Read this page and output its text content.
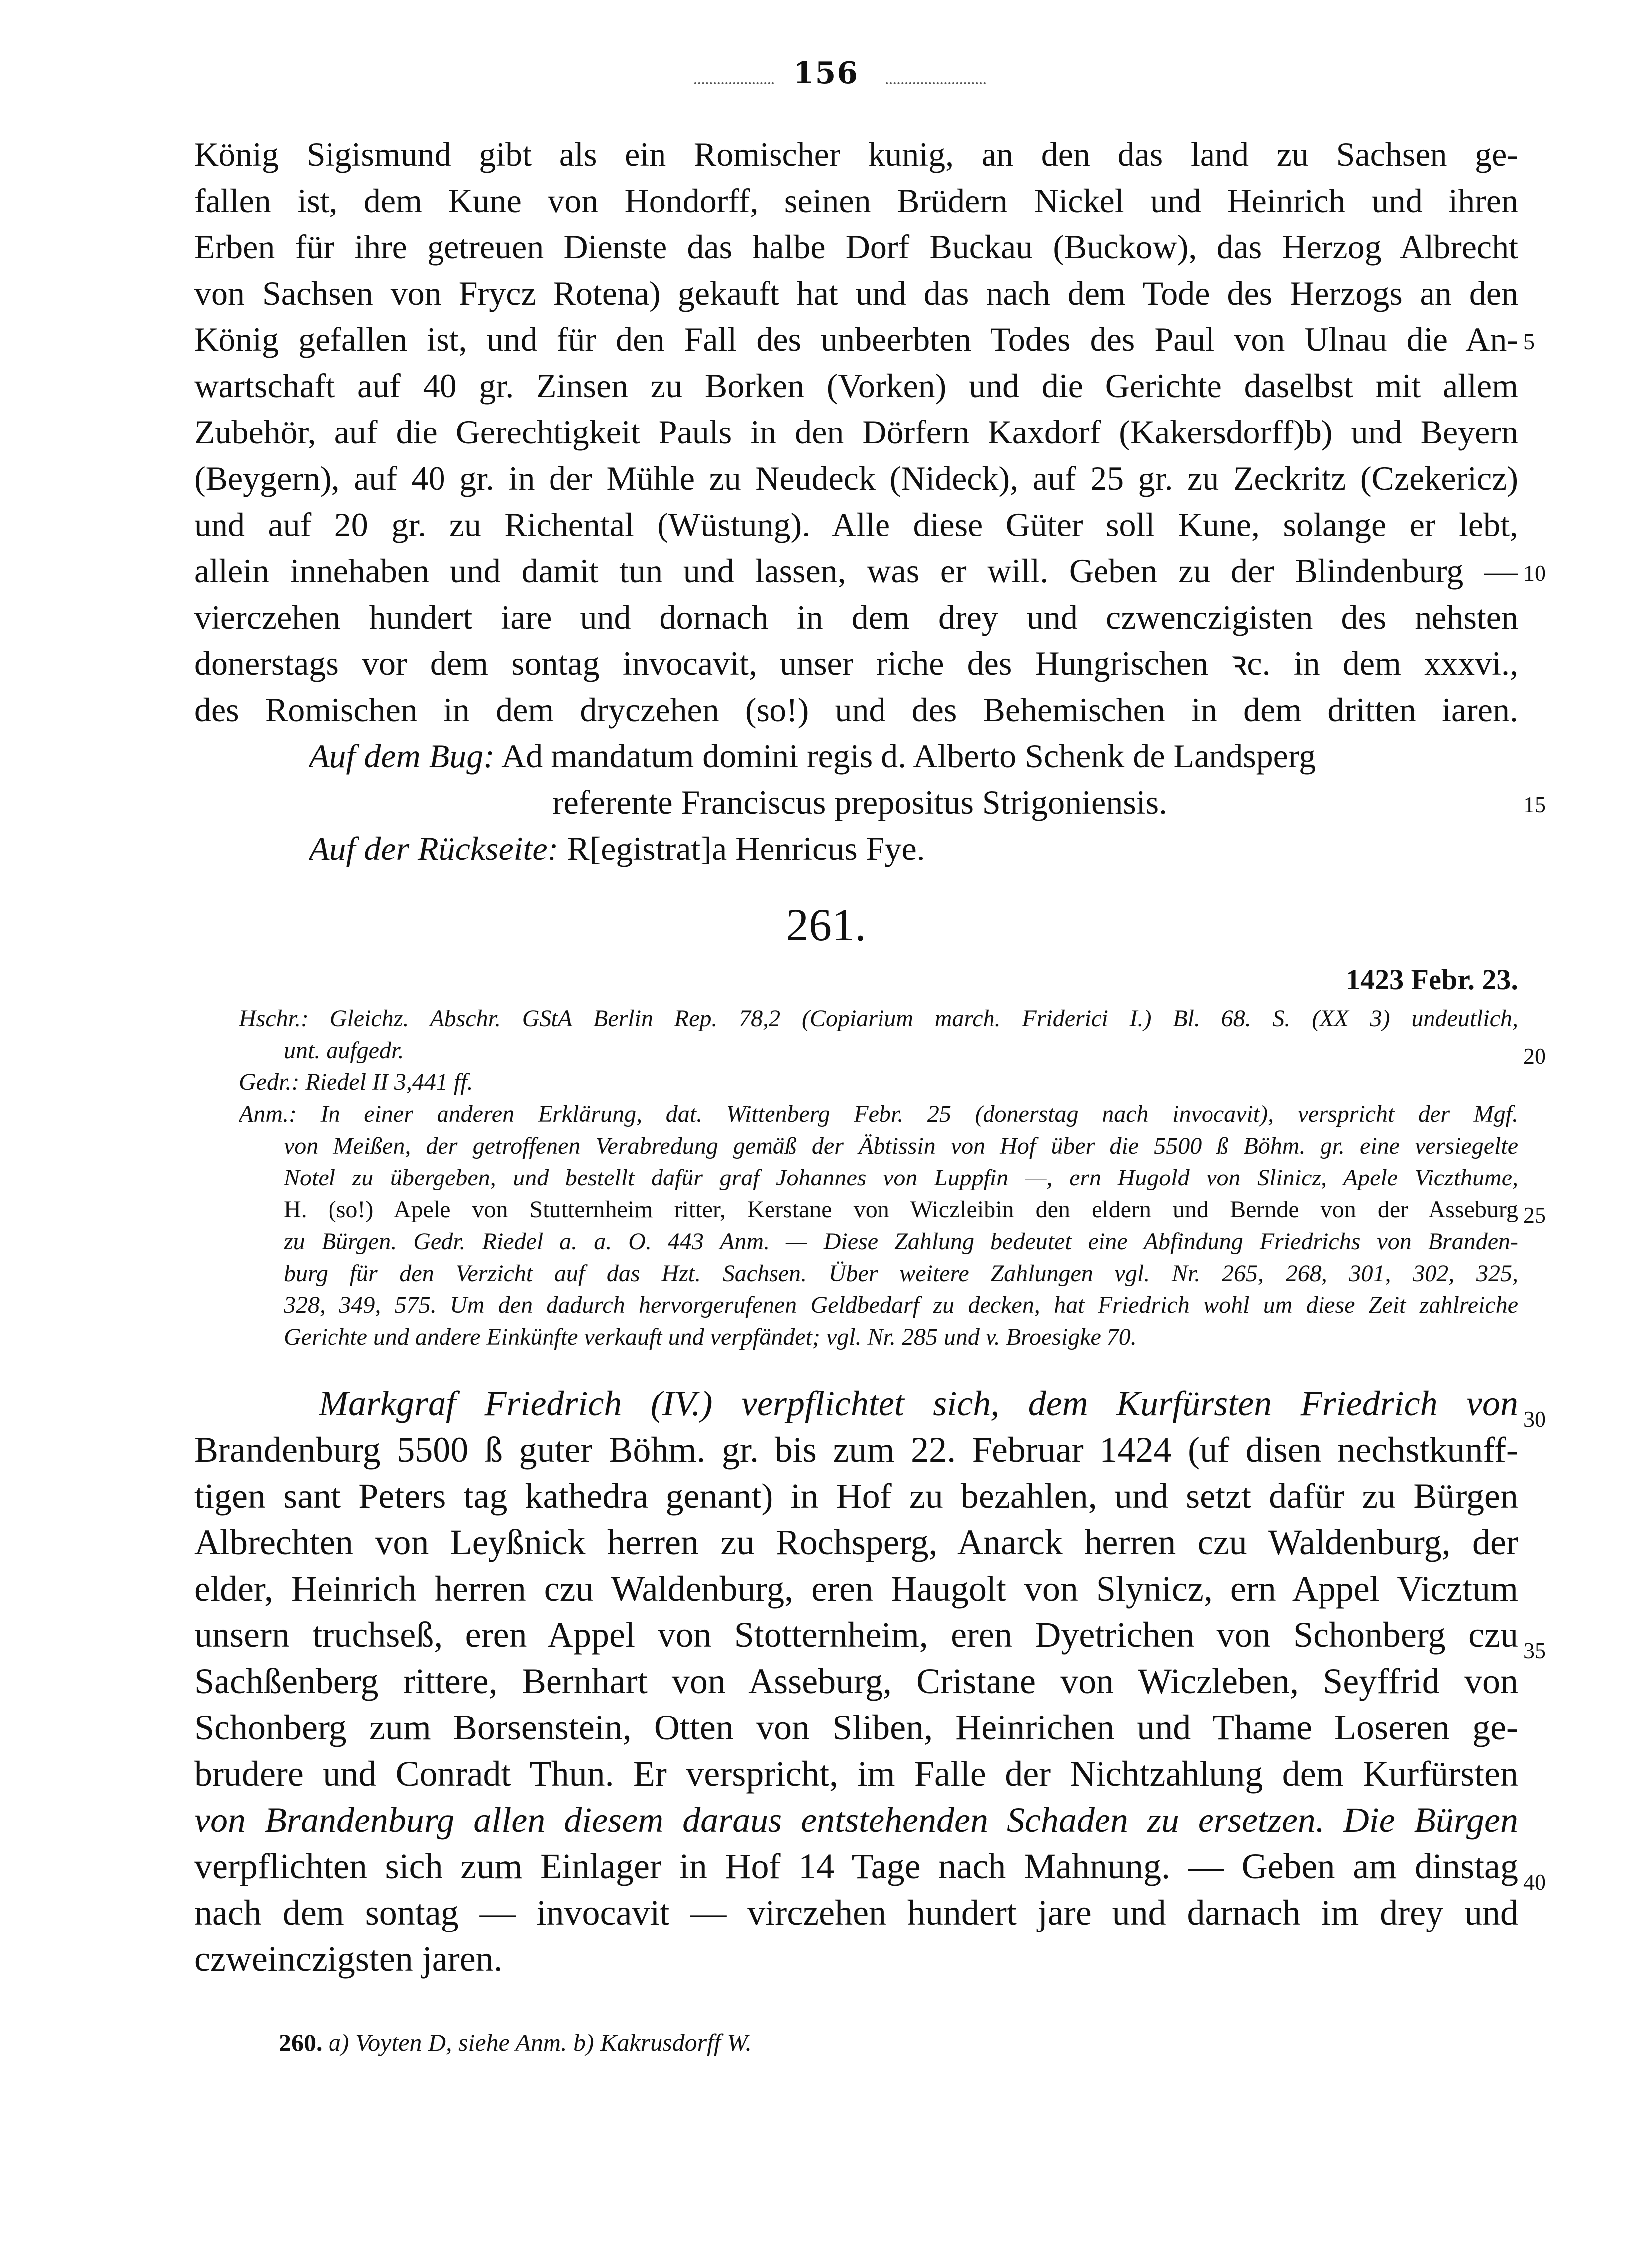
156
König Sigismund gibt als ein Romischer kunig, an den das land zu Sachsen ge-
fallen ist, dem Kune von Hondorff, seinen Brüdern Nickel und Heinrich und ihren
Erben für ihre getreuen Dienste das halbe Dorf Buckau (Buckow), das Herzog Albrecht
von Sachsen von Frycz Rotena) gekauft hat und das nach dem Tode des Herzogs an den
König gefallen ist, und für den Fall des unbeerbten Todes des Paul von Ulnau die An-
wartschaft auf 40 gr. Zinsen zu Borken (Vorken) und die Gerichte daselbst mit allem
Zubehör, auf die Gerechtigkeit Pauls in den Dörfern Kaxdorf (Kakersdorff)b) und Beyern
(Beygern), auf 40 gr. in der Mühle zu Neudeck (Nideck), auf 25 gr. zu Zeckritz (Czekericz)
und auf 20 gr. zu Richental (Wüstung). Alle diese Güter soll Kune, solange er lebt,
allein innehaben und damit tun und lassen, was er will. Geben zu der Blindenburg —
vierczehen hundert iare und dornach in dem drey und czwenczigisten des nehsten
donerstags vor dem sontag invocavit, unser riche des Hungrischen ꝛc. in dem xxxvi.,
des Romischen in dem dryczehen (so!) und des Behemischen in dem dritten iaren.
Auf dem Bug: Ad mandatum domini regis d. Alberto Schenk de Landsperg
referente Franciscus prepositus Strigoniensis.
Auf der Rückseite: R[egistrat]a Henricus Fye.
5
10
15
20
25
30
35
40
261.
1423 Febr. 23.
Hschr.: Gleichz. Abschr. GStA Berlin Rep. 78,2 (Copiarium march. Friderici I.) Bl. 68. S. (XX 3) undeutlich,
unt. aufgedr.
Gedr.: Riedel II 3,441 ff.
Anm.: In einer anderen Erklärung, dat. Wittenberg Febr. 25 (donerstag nach invocavit), verspricht der Mgf.
von Meißen, der getroffenen Verabredung gemäß der Äbtissin von Hof über die 5500 ß Böhm. gr. eine versiegelte
Notel zu übergeben, und bestellt dafür graf Johannes von Luppfin —, ern Hugold von Slinicz, Apele Viczthume,
H. (so!) Apele von Stutternheim ritter, Kerstane von Wiczleibin den eldern und Bernde von der Asseburg
zu Bürgen. Gedr. Riedel a. a. O. 443 Anm. — Diese Zahlung bedeutet eine Abfindung Friedrichs von Branden-
burg für den Verzicht auf das Hzt. Sachsen. Über weitere Zahlungen vgl. Nr. 265, 268, 301, 302, 325,
328, 349, 575. Um den dadurch hervorgerufenen Geldbedarf zu decken, hat Friedrich wohl um diese Zeit zahlreiche
Gerichte und andere Einkünfte verkauft und verpfändet; vgl. Nr. 285 und v. Broesigke 70.
Markgraf Friedrich (IV.) verpflichtet sich, dem Kurfürsten Friedrich von
Brandenburg 5500 ß guter Böhm. gr. bis zum 22. Februar 1424 (uf disen nechstkunff-
tigen sant Peters tag kathedra genant) in Hof zu bezahlen, und setzt dafür zu Bürgen
Albrechten von Leyßnick herren zu Rochsperg, Anarck herren czu Waldenburg, der
elder, Heinrich herren czu Waldenburg, eren Haugolt von Slynicz, ern Appel Vicztum
unsern truchseß, eren Appel von Stotternheim, eren Dyetrichen von Schonberg czu
Sachßenberg rittere, Bernhart von Asseburg, Cristane von Wiczleben, Seyffrid von
Schonberg zum Borsenstein, Otten von Sliben, Heinrichen und Thame Loseren ge-
brudere und Conradt Thun. Er verspricht, im Falle der Nichtzahlung dem Kurfürsten
von Brandenburg allen diesem daraus entstehenden Schaden zu ersetzen. Die Bürgen
verpflichten sich zum Einlager in Hof 14 Tage nach Mahnung. — Geben am dinstag
nach dem sontag — invocavit — virczehen hundert jare und darnach im drey und
czweinczigsten jaren.
260. a) Voyten D, siehe Anm. b) Kakrusdorff W.
